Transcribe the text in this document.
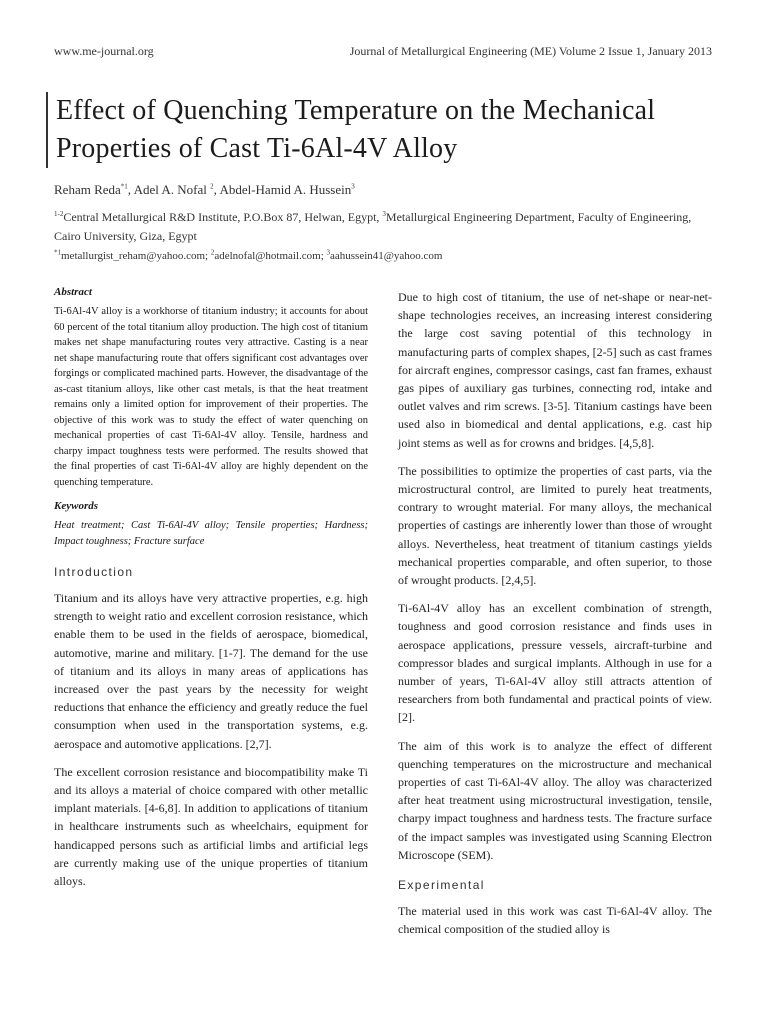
www.me-journal.org	Journal of Metallurgical Engineering (ME) Volume 2 Issue 1, January 2013
Effect of Quenching Temperature on the Mechanical Properties of Cast Ti-6Al-4V Alloy
Reham Reda$^{*1}$, Adel A. Nofal $^2$, Abdel-Hamid A. Hussein$^3$
$^{1-2}$Central Metallurgical R&D Institute, P.O.Box 87, Helwan, Egypt, $^3$Metallurgical Engineering Department, Faculty of Engineering, Cairo University, Giza, Egypt
$^{*1}$metallurgist_reham@yahoo.com; $^2$adelnofal@hotmail.com; $^3$aahussein41@yahoo.com

Abstract

Ti-6Al-4V alloy is a workhorse of titanium industry; it accounts for about 60 percent of the total titanium alloy production. The high cost of titanium makes net shape manufacturing routes very attractive. Casting is a near net shape manufacturing route that offers significant cost advantages over forgings or complicated machined parts. However, the disadvantage of the as-cast titanium alloys, like other cast metals, is that the heat treatment remains only a limited option for improvement of their properties. The objective of this work was to study the effect of water quenching on mechanical properties of cast Ti-6Al-4V alloy. Tensile, hardness and charpy impact toughness tests were performed. The results showed that the final properties of cast Ti-6Al-4V alloy are highly dependent on the quenching temperature.

Keywords

Heat treatment; Cast Ti-6Al-4V alloy; Tensile properties; Hardness; Impact toughness; Fracture surface

Introduction

Titanium and its alloys have very attractive properties, e.g. high strength to weight ratio and excellent corrosion resistance, which enable them to be used in the fields of aerospace, biomedical, automotive, marine and military. [1-7]. The demand for the use of titanium and its alloys in many areas of applications has increased over the past years by the necessity for weight reductions that enhance the efficiency and greatly reduce the fuel consumption when used in the transportation systems, e.g. aerospace and automotive applications. [2,7].

The excellent corrosion resistance and biocompatibility make Ti and its alloys a material of choice compared with other metallic implant materials. [4-6,8]. In addition to applications of titanium in healthcare instruments such as wheelchairs, equipment for handicapped persons such as artificial limbs and artificial legs are currently making use of the unique properties of titanium alloys.

Due to high cost of titanium, the use of net-shape or near-net-shape technologies receives, an increasing interest considering the large cost saving potential of this technology in manufacturing parts of complex shapes, [2-5] such as cast frames for aircraft engines, compressor casings, cast fan frames, exhaust gas pipes of auxiliary gas turbines, connecting rod, intake and outlet valves and rim screws. [3-5]. Titanium castings have been used also in biomedical and dental applications, e.g. cast hip joint stems as well as for crowns and bridges. [4,5,8].

The possibilities to optimize the properties of cast parts, via the microstructural control, are limited to purely heat treatments, contrary to wrought material. For many alloys, the mechanical properties of castings are inherently lower than those of wrought alloys. Nevertheless, heat treatment of titanium castings yields mechanical properties comparable, and often superior, to those of wrought products. [2,4,5].

Ti-6Al-4V alloy has an excellent combination of strength, toughness and good corrosion resistance and finds uses in aerospace applications, pressure vessels, aircraft-turbine and compressor blades and surgical implants. Although in use for a number of years, Ti-6Al-4V alloy still attracts attention of researchers from both fundamental and practical points of view. [2].

The aim of this work is to analyze the effect of different quenching temperatures on the microstructure and mechanical properties of cast Ti-6Al-4V alloy. The alloy was characterized after heat treatment using microstructural investigation, tensile, charpy impact toughness and hardness tests. The fracture surface of the impact samples was investigated using Scanning Electron Microscope (SEM).

Experimental

The material used in this work was cast Ti-6Al-4V alloy. The chemical composition of the studied alloy is
